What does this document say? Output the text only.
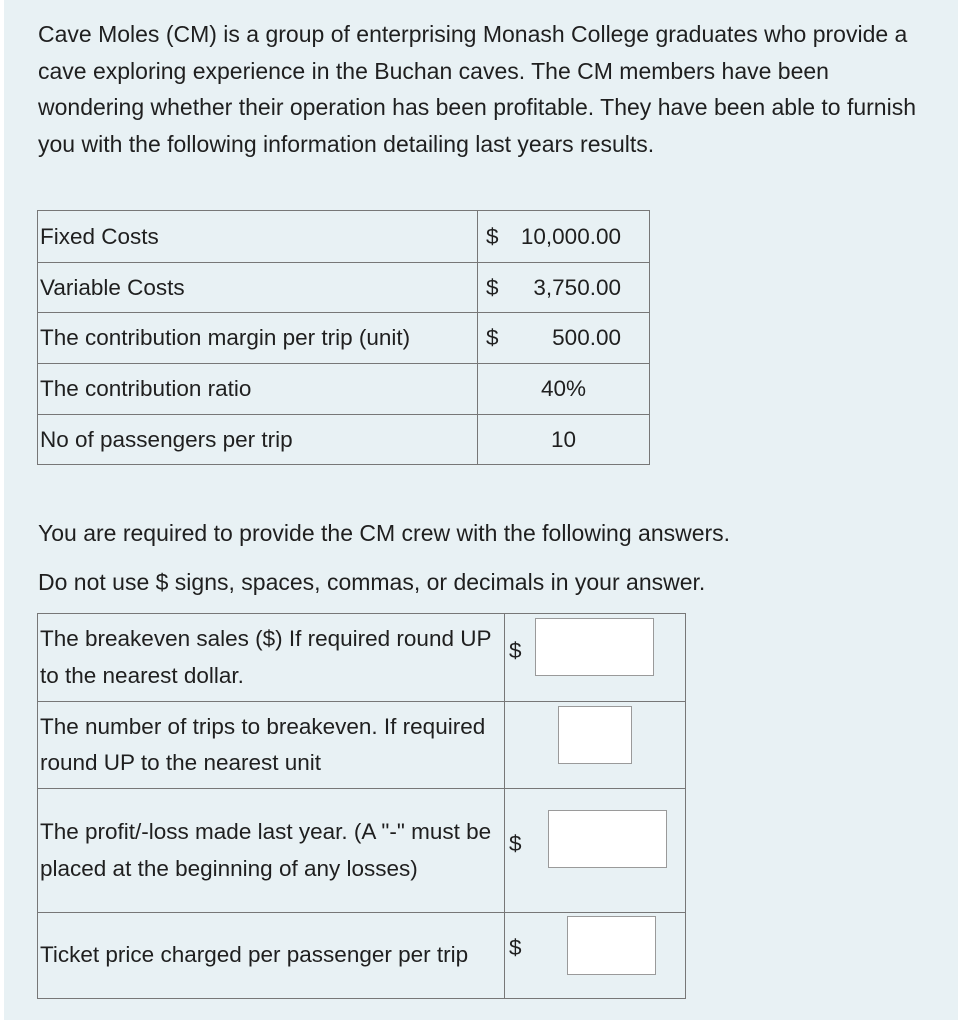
Cave Moles (CM) is a group of enterprising Monash College graduates who provide a cave exploring experience in the Buchan caves. The CM members have been wondering whether their operation has been profitable. They have been able to furnish you with the following information detailing last years results.

Fixed Costs	$ 10,000.00

Variable Costs	$ 3,750.00

The contribution margin per trip (unit)	$ 500.00

The contribution ratio	40%
No of passengers per trip	10

You are required to provide the CM crew with the following answers.

Do not use $ signs, spaces, commas, or decimals in your answer.

The breakeven sales ($) If required round UP to the nearest dollar.	$

The number of trips to breakeven. If required round UP to the nearest unit	

The profit/-loss made last year. (A "-" must be placed at the beginning of any losses)	$

Ticket price charged per passenger per trip	$
